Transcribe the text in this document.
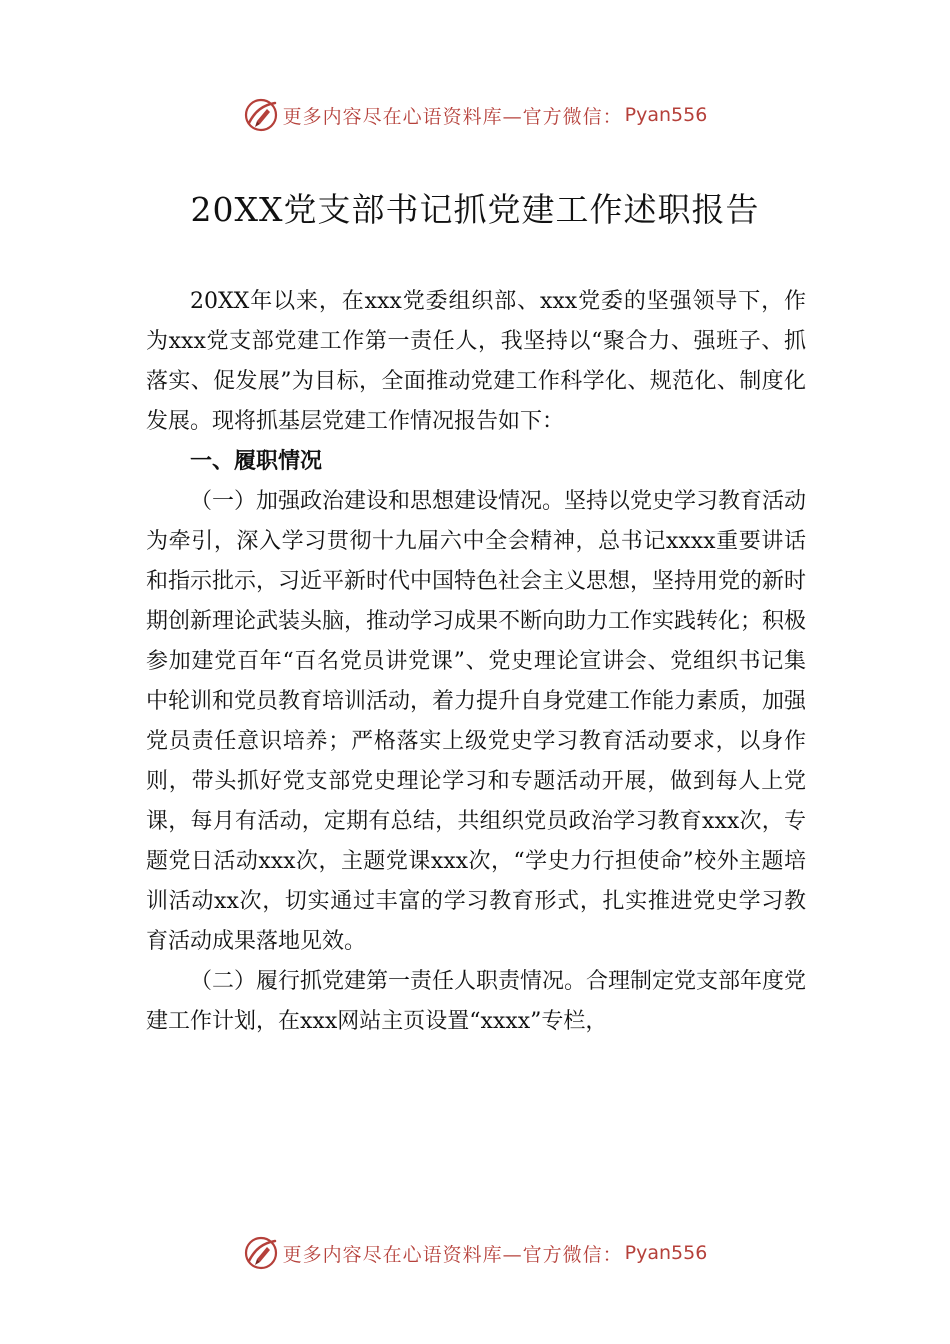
更多内容尽在心语资料库—官方微信： Pyan556
20XX党支部书记抓党建工作述职报告

20XX年以来，在xxx党委组织部、xxx党委的坚强领导下，作为xxx党支部党建工作第一责任人，我坚持以“聚合力、强班子、抓落实、促发展”为目标，全面推动党建工作科学化、规范化、制度化发展。现将抓基层党建工作情况报告如下：

一、履职情况

（一）加强政治建设和思想建设情况。坚持以党史学习教育活动为牵引，深入学习贯彻十九届六中全会精神，总书记xxxx重要讲话和指示批示，习近平新时代中国特色社会主义思想，坚持用党的新时期创新理论武装头脑，推动学习成果不断向助力工作实践转化；积极参加建党百年“百名党员讲党课”、党史理论宣讲会、党组织书记集中轮训和党员教育培训活动，着力提升自身党建工作能力素质，加强党员责任意识培养；严格落实上级党史学习教育活动要求，以身作则，带头抓好党支部党史理论学习和专题活动开展，做到每人上党课，每月有活动，定期有总结，共组织党员政治学习教育xxx次，专题党日活动xxx次，主题党课xxx次，“学史力行担使命”校外主题培训活动xx次，切实通过丰富的学习教育形式，扎实推进党史学习教育活动成果落地见效。

（二）履行抓党建第一责任人职责情况。合理制定党支部年度党建工作计划，在xxx网站主页设置“xxxx”专栏，

更多内容尽在心语资料库—官方微信： Pyan556
